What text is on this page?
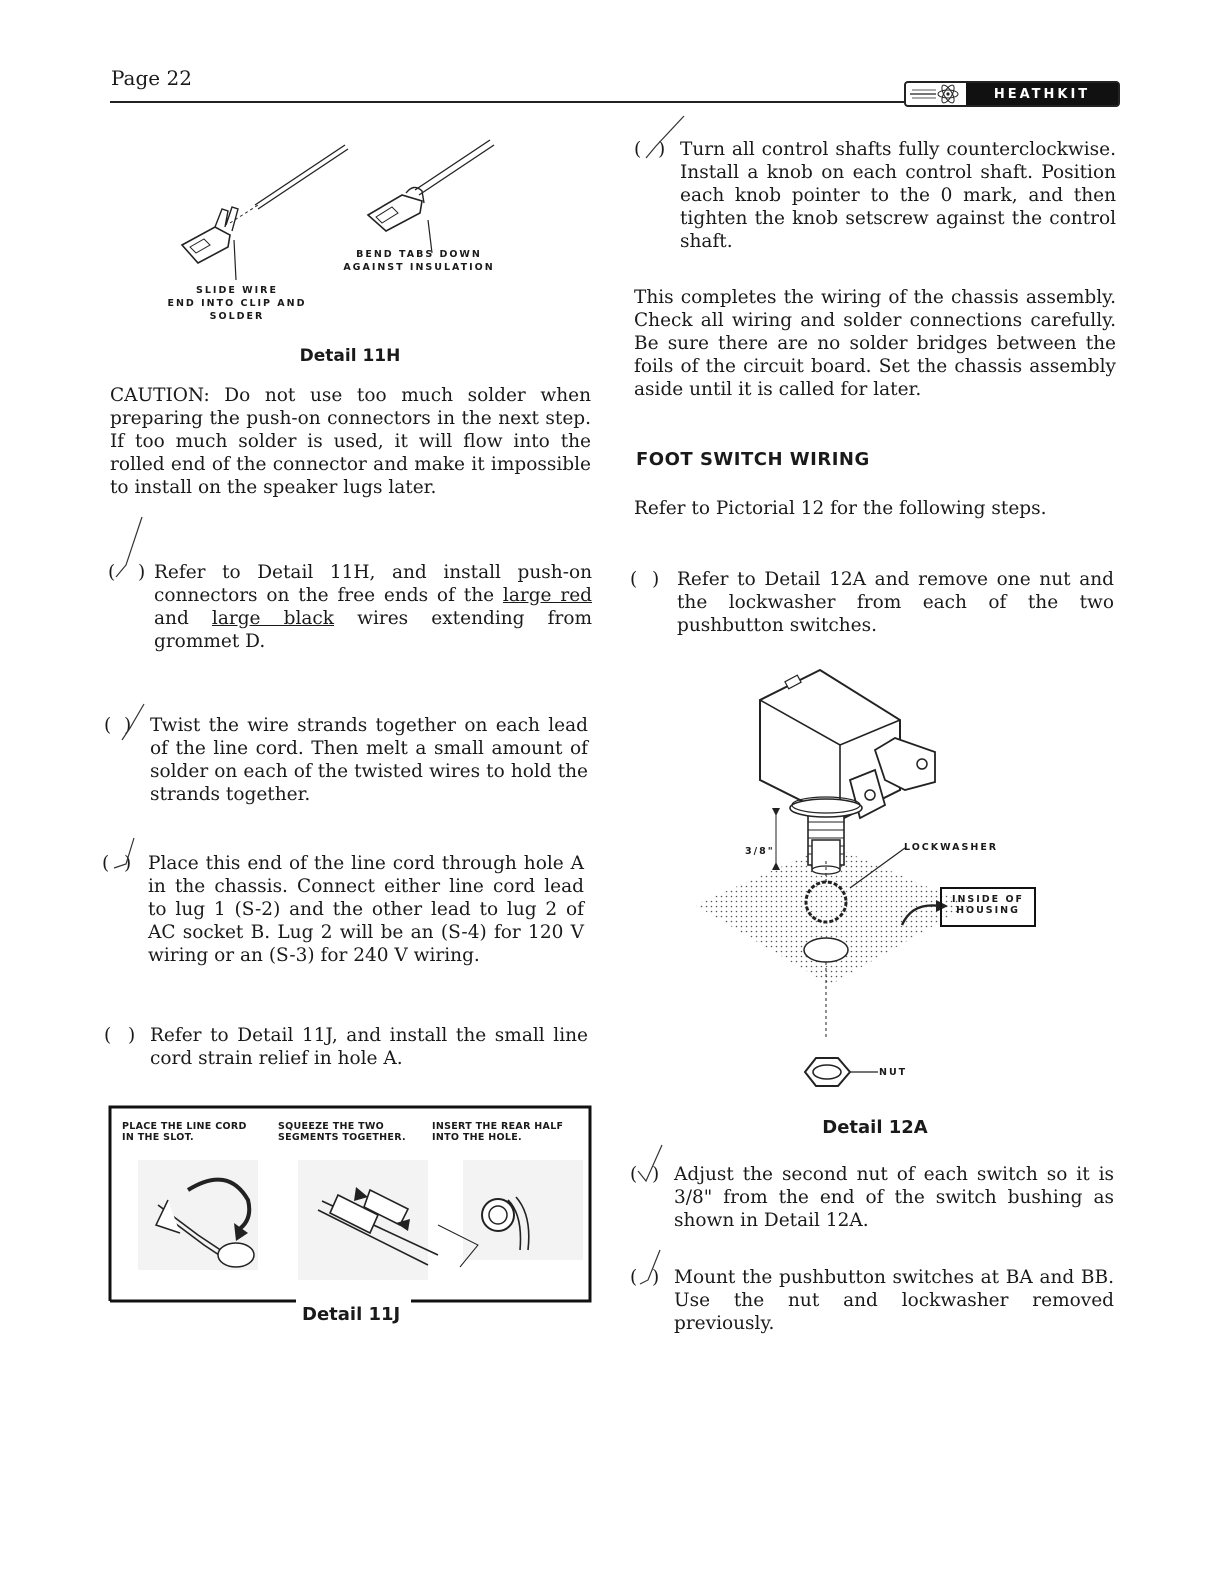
Page 22
HEATHKIT
BEND TABS DOWN
AGAINST INSULATION
SLIDE WIRE
END INTO CLIP AND
SOLDER
Detail 11H
CAUTION: Do not use too much solder when preparing the push-on connectors in the next step. If too much solder is used, it will flow into the rolled end of the connector and make it impossible to install on the speaker lugs later.
( ) Refer to Detail 11H, and install push-on connectors on the free ends of the large red and large black wires extending from grommet D.
( ) Twist the wire strands together on each lead of the line cord. Then melt a small amount of solder on each of the twisted wires to hold the strands together.
( ) Place this end of the line cord through hole A in the chassis. Connect either line cord lead to lug 1 (S-2) and the other lead to lug 2 of AC socket B. Lug 2 will be an (S-4) for 120 V wiring or an (S-3) for 240 V wiring.
( ) Refer to Detail 11J, and install the small line cord strain relief in hole A.
PLACE THE LINE CORD
IN THE SLOT.
SQUEEZE THE TWO
SEGMENTS TOGETHER.
INSERT THE REAR HALF
INTO THE HOLE.
Detail 11J
( ) Turn all control shafts fully counterclockwise. Install a knob on each control shaft. Position each knob pointer to the 0 mark, and then tighten the knob setscrew against the control shaft.
This completes the wiring of the chassis assembly. Check all wiring and solder connections carefully. Be sure there are no solder bridges between the foils of the circuit board. Set the chassis assembly aside until it is called for later.
FOOT SWITCH WIRING
Refer to Pictorial 12 for the following steps.
( ) Refer to Detail 12A and remove one nut and the lockwasher from each of the two pushbutton switches.
3/8"	LOCKWASHER
INSIDE OF
HOUSING
NUT
Detail 12A
( ) Adjust the second nut of each switch so it is 3/8" from the end of the switch bushing as shown in Detail 12A.
( ) Mount the pushbutton switches at BA and BB. Use the nut and lockwasher removed previously.
